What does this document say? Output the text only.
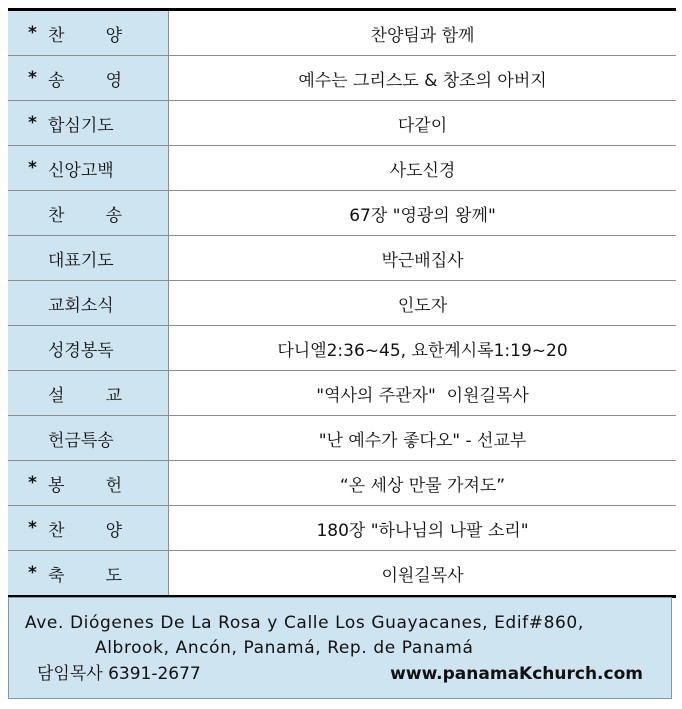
* 찬 양	찬양팀과 함께

* 송 영	예수는 그리스도 & 창조의 아버지

* 합심기도	다같이

* 신앙고백	사도신경

찬 송	67장 "영광의 왕께"

대표기도	박근배집사

교회소식	인도자

성경봉독	다니엘2:36~45, 요한계시록1:19~20

설 교	"역사의 주관자"  이원길목사

헌금특송	"난 예수가 좋다오" - 선교부

* 봉 헌	“온 세상 만물 가져도”

* 찬 양	180장 "하나님의 나팔 소리"

* 축 도	이원길목사
Ave. Diógenes De La Rosa y Calle Los Guayacanes, Edif#860,
Albrook, Ancón, Panamá, Rep. de Panamá
담임목사 6391-2677	www.panamaKchurch.com
